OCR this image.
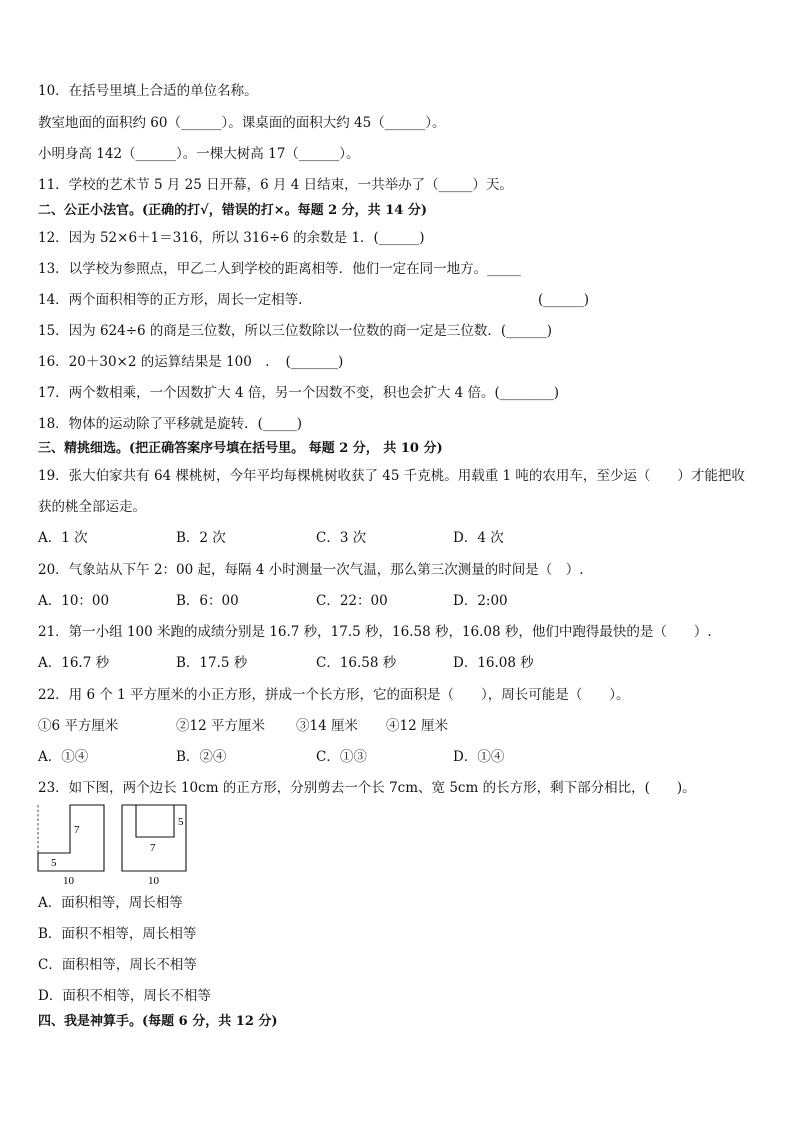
10．在括号里填上合适的单位名称。
教室地面的面积约 60（______）。课桌面的面积大约 45（______）。
小明身高 142（______）。一棵大树高 17（______）。
11．学校的艺术节 5 月 25 日开幕，6 月 4 日结束，一共举办了（_____）天。
二、公正小法官。(正确的打√，错误的打×。每题 2 分，共 14 分)
12．因为 52×6＋1＝316，所以 316÷6 的余数是 1．(______)
13．以学校为参照点，甲乙二人到学校的距离相等．他们一定在同一地方。_____
14．两个面积相等的正方形，周长一定相等.	(______)
15．因为 624÷6 的商是三位数，所以三位数除以一位数的商一定是三位数．(______)
16．20＋30×2 的运算结果是 100　．　(_______)
17．两个数相乘，一个因数扩大 4 倍，另一个因数不变，积也会扩大 4 倍。(________)
18．物体的运动除了平移就是旋转．(_____)
三、精挑细选。(把正确答案序号填在括号里。 每题 2 分， 共 10 分)
19．张大伯家共有 64 棵桃树，今年平均每棵桃树收获了 45 千克桃。用载重 1 吨的农用车，至少运（　　）才能把收
获的桃全部运走。
A．1 次	B．2 次	C．3 次	D．4 次
20．气象站从下午 2：00 起，每隔 4 小时测量一次气温，那么第三次测量的时间是（　）.
A．10：00	B．6：00	C．22：00	D．2:00
21．第一小组 100 米跑的成绩分别是 16.7 秒，17.5 秒，16.58 秒，16.08 秒，他们中跑得最快的是（　　）.
A．16.7 秒	B．17.5 秒	C．16.58 秒	D．16.08 秒
22．用 6 个 1 平方厘米的小正方形，拼成一个长方形，它的面积是（　　），周长可能是（　　）。
①6 平方厘米	②12 平方厘米 ③14 厘米 ④12 厘米
A．①④	B．②④	C．①③	D．①④
23．如下图，两个边长 10cm 的正方形，分别剪去一个长 7cm、宽 5cm 的长方形，剩下部分相比，(　　)。
7
5
10
7
5
10
A．面积相等，周长相等
B．面积不相等，周长相等
C．面积相等，周长不相等
D．面积不相等，周长不相等
四、我是神算手。(每题 6 分，共 12 分)
